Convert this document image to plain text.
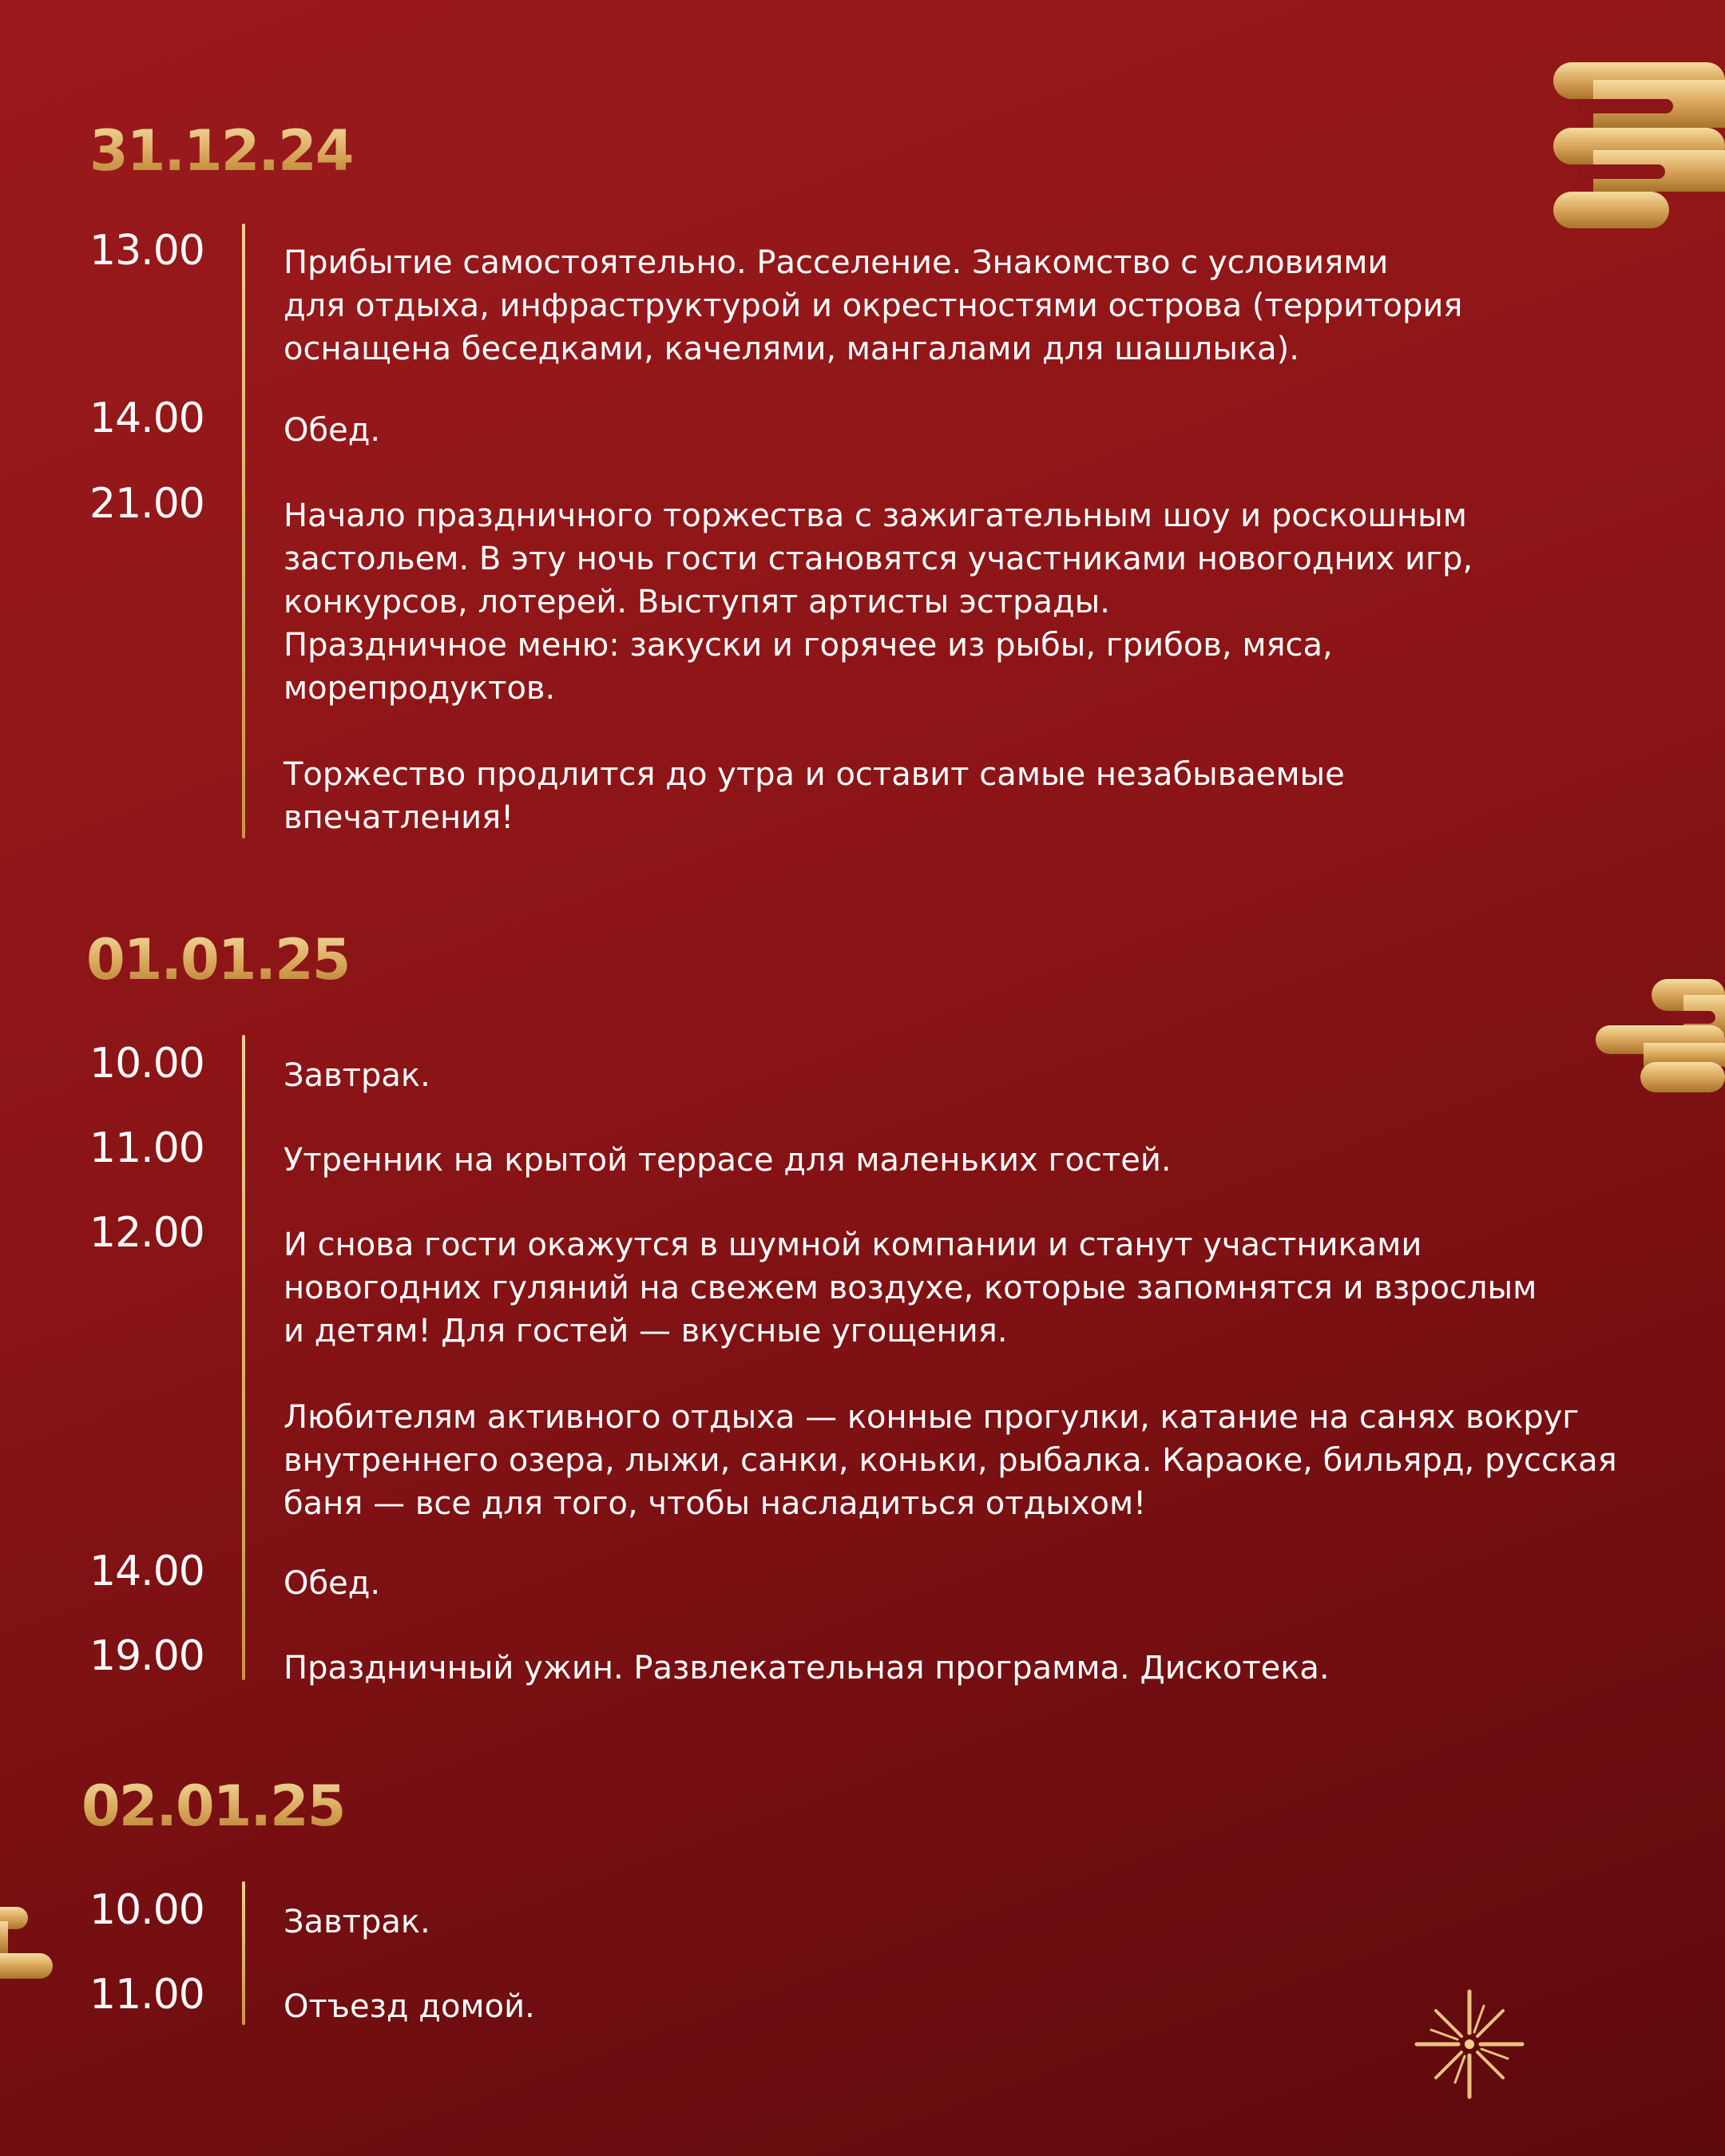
31.12.24
13.00 Прибытие самостоятельно. Расселение. Знакомство с условиями
для отдыха, инфраструктурой и окрестностями острова (территория
оснащена беседками, качелями, мангалами для шашлыка).
14.00 Обед.
21.00 Начало праздничного торжества с зажигательным шоу и роскошным
застольем. В эту ночь гости становятся участниками новогодних игр,
конкурсов, лотерей. Выступят артисты эстрады.
Праздничное меню: закуски и горячее из рыбы, грибов, мяса,
морепродуктов.

Торжество продлится до утра и оставит самые незабываемые
впечатления!
01.01.25
10.00 Завтрак.
11.00 Утренник на крытой террасе для маленьких гостей.
12.00 И снова гости окажутся в шумной компании и станут участниками
новогодних гуляний на свежем воздухе, которые запомнятся и взрослым
и детям! Для гостей — вкусные угощения.

Любителям активного отдыха — конные прогулки, катание на санях вокруг
внутреннего озера, лыжи, санки, коньки, рыбалка. Караоке, бильярд, русская
баня — все для того, чтобы насладиться отдыхом!
14.00 Обед.
19.00 Праздничный ужин. Развлекательная программа. Дискотека.
02.01.25
10.00 Завтрак.
11.00 Отъезд домой.
